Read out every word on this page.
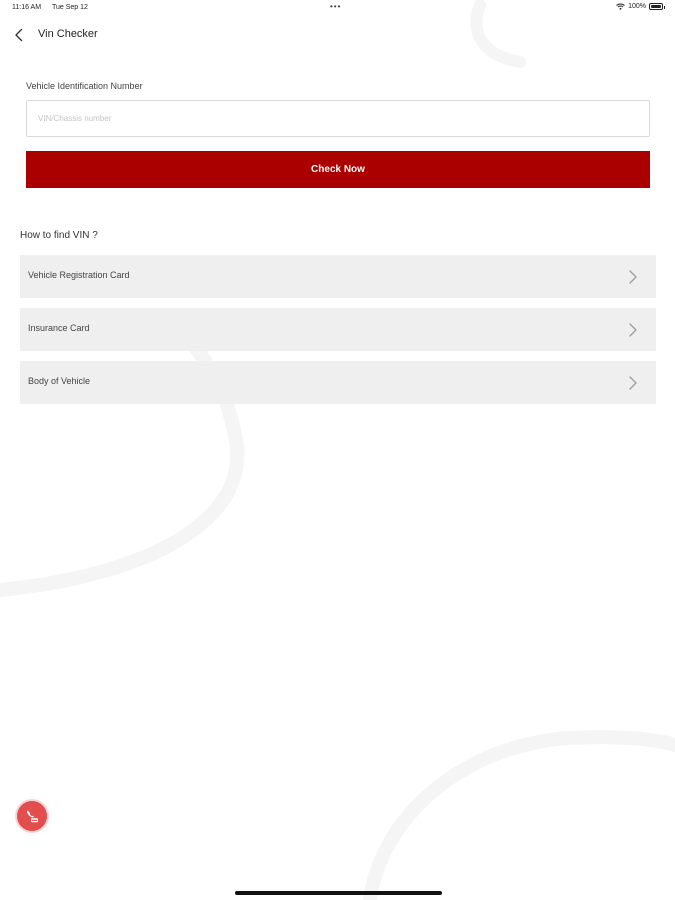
11:16 AM Tue Sep 12	•••	100%
Vin Checker
Vehicle Identification Number
VIN/Chassis number
Check Now
How to find VIN ?
Vehicle Registration Card
Insurance Card
Body of Vehicle
